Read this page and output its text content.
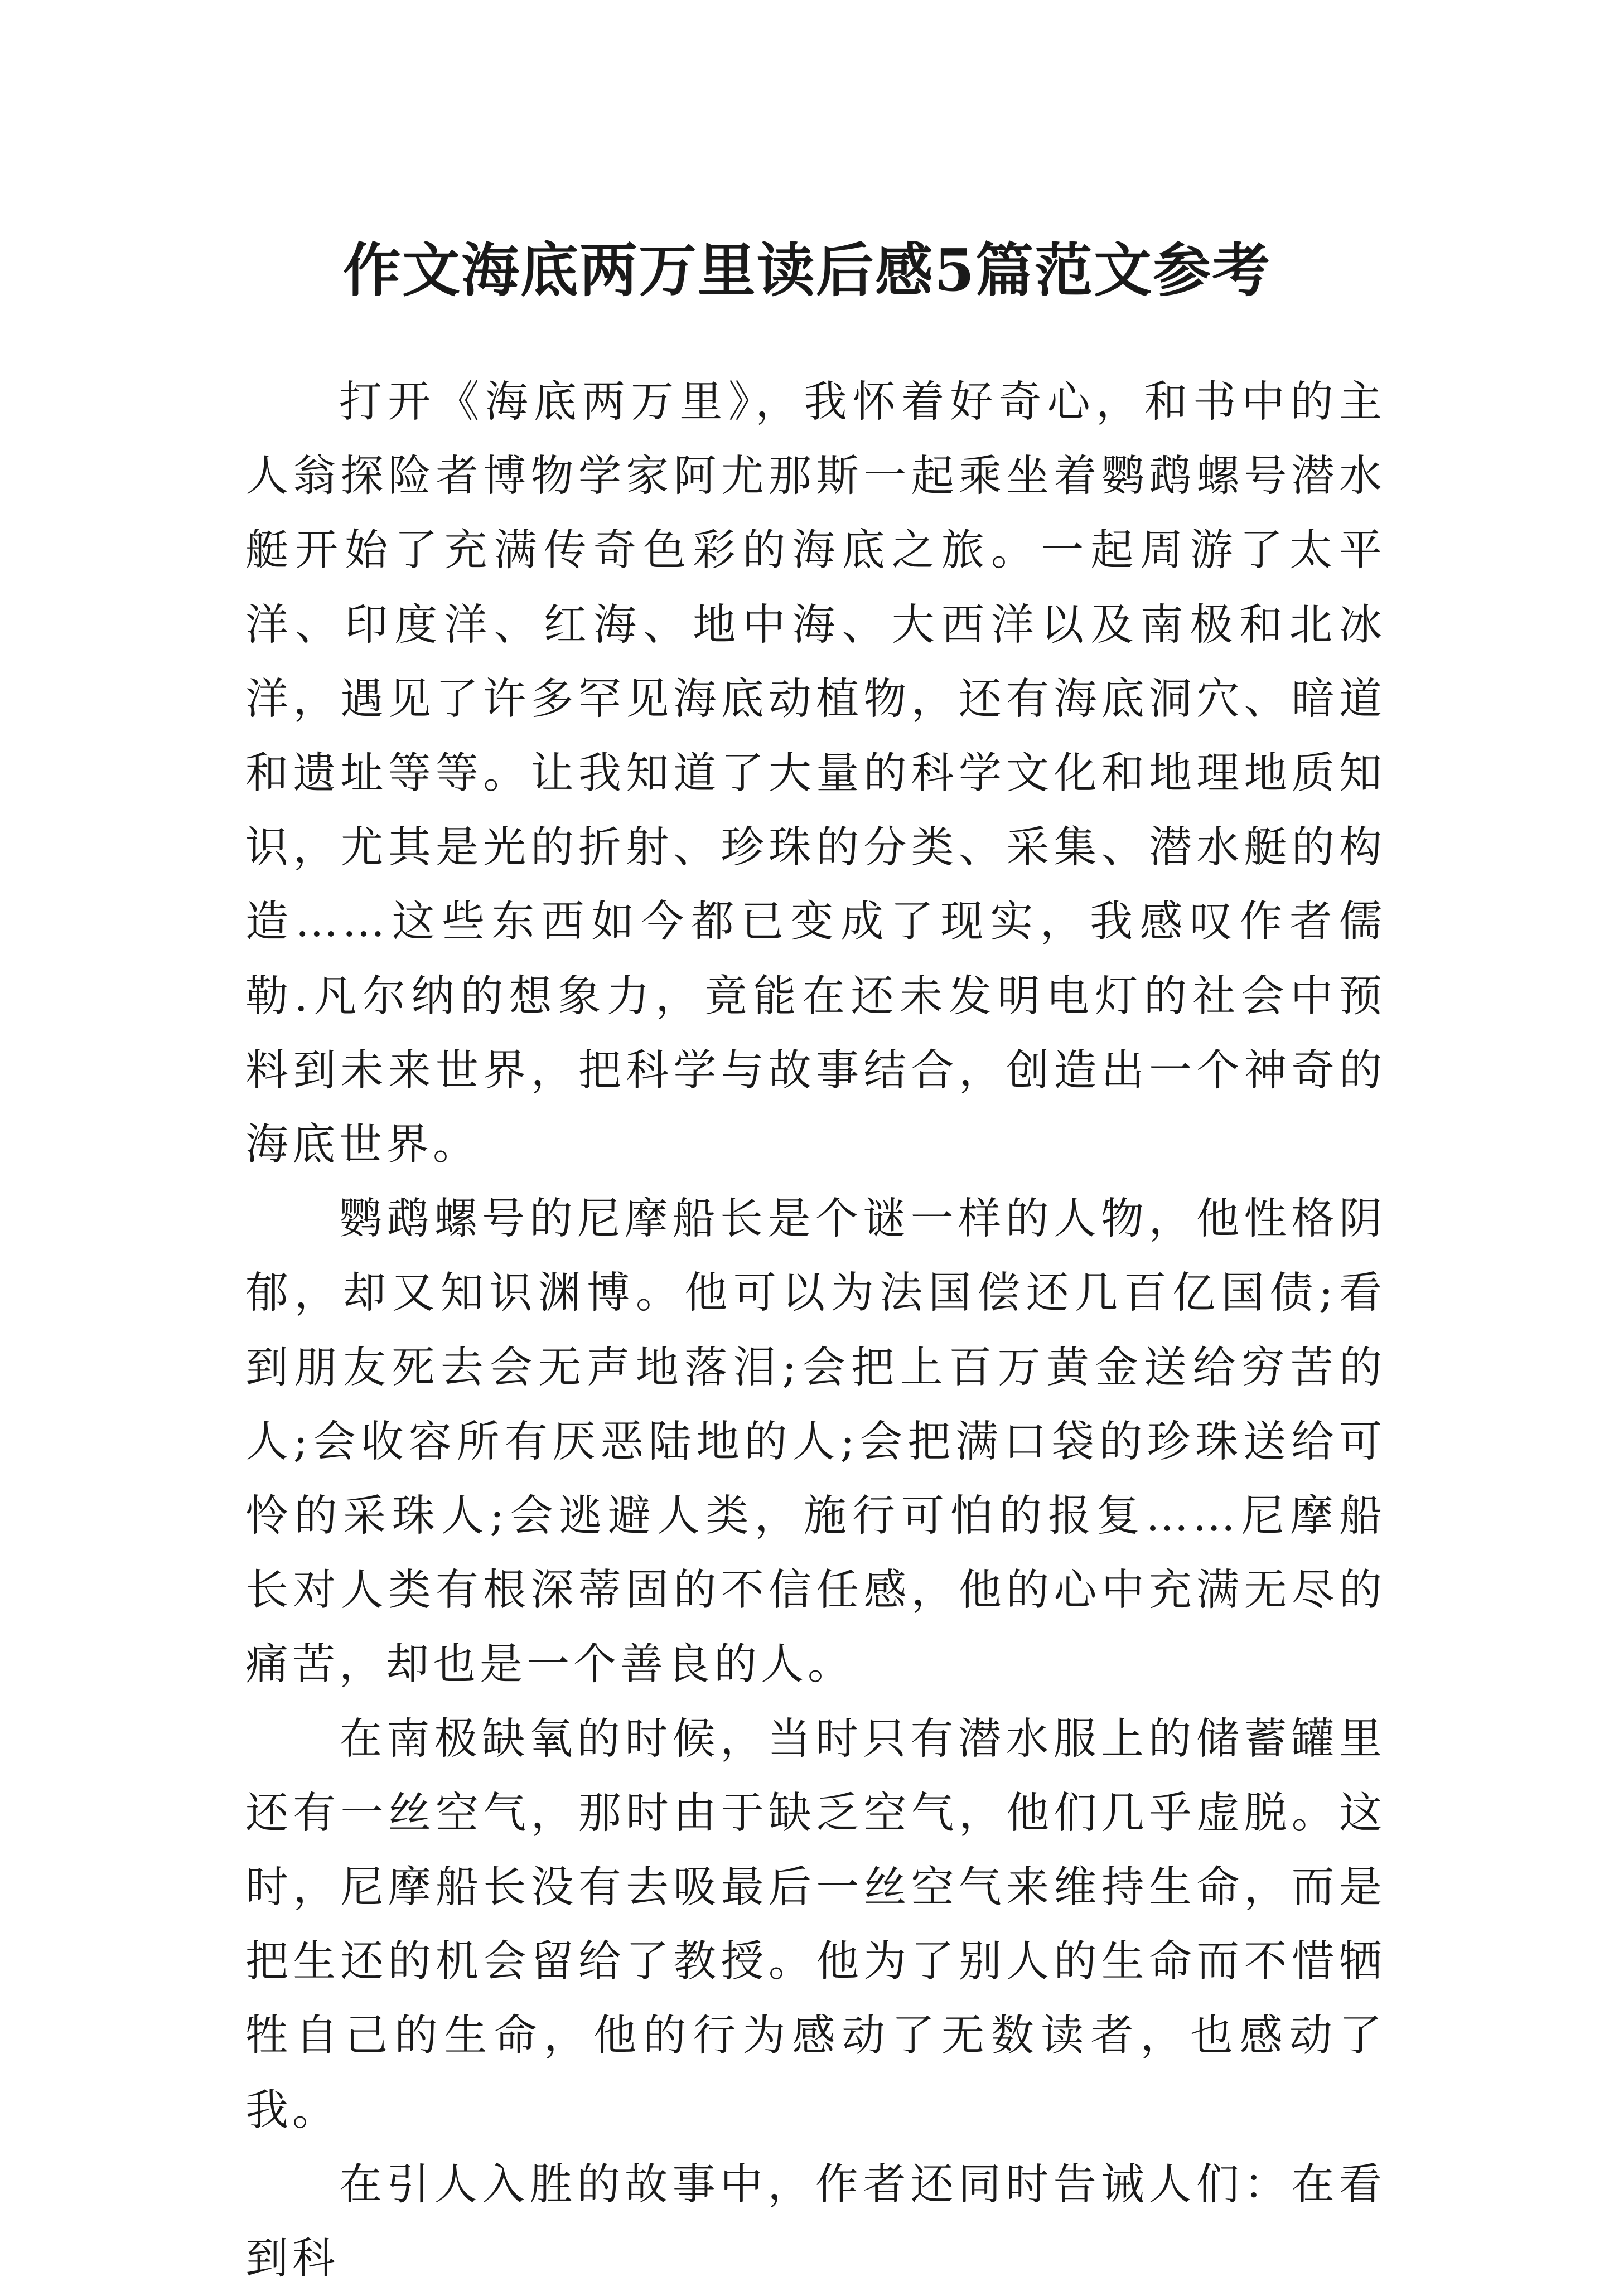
作文海底两万里读后感5篇范文参考

打开《海底两万里》，我怀着好奇心，和书中的主人翁探险者博物学家阿尤那斯一起乘坐着鹦鹉螺号潜水艇开始了充满传奇色彩的海底之旅。一起周游了太平洋、印度洋、红海、地中海、大西洋以及南极和北冰洋，遇见了许多罕见海底动植物，还有海底洞穴、暗道和遗址等等。让我知道了大量的科学文化和地理地质知识，尤其是光的折射、珍珠的分类、采集、潜水艇的构造……这些东西如今都已变成了现实，我感叹作者儒勒.凡尔纳的想象力，竟能在还未发明电灯的社会中预料到未来世界，把科学与故事结合，创造出一个神奇的海底世界。

鹦鹉螺号的尼摩船长是个谜一样的人物，他性格阴郁，却又知识渊博。他可以为法国偿还几百亿国债;看到朋友死去会无声地落泪;会把上百万黄金送给穷苦的人;会收容所有厌恶陆地的人;会把满口袋的珍珠送给可怜的采珠人;会逃避人类，施行可怕的报复……尼摩船长对人类有根深蒂固的不信任感，他的心中充满无尽的痛苦，却也是一个善良的人。

在南极缺氧的时候，当时只有潜水服上的储蓄罐里还有一丝空气，那时由于缺乏空气，他们几乎虚脱。这时，尼摩船长没有去吸最后一丝空气来维持生命，而是把生还的机会留给了教授。他为了别人的生命而不惜牺牲自己的生命，他的行为感动了无数读者，也感动了我。

在引人入胜的故事中，作者还同时告诫人们：在看到科
